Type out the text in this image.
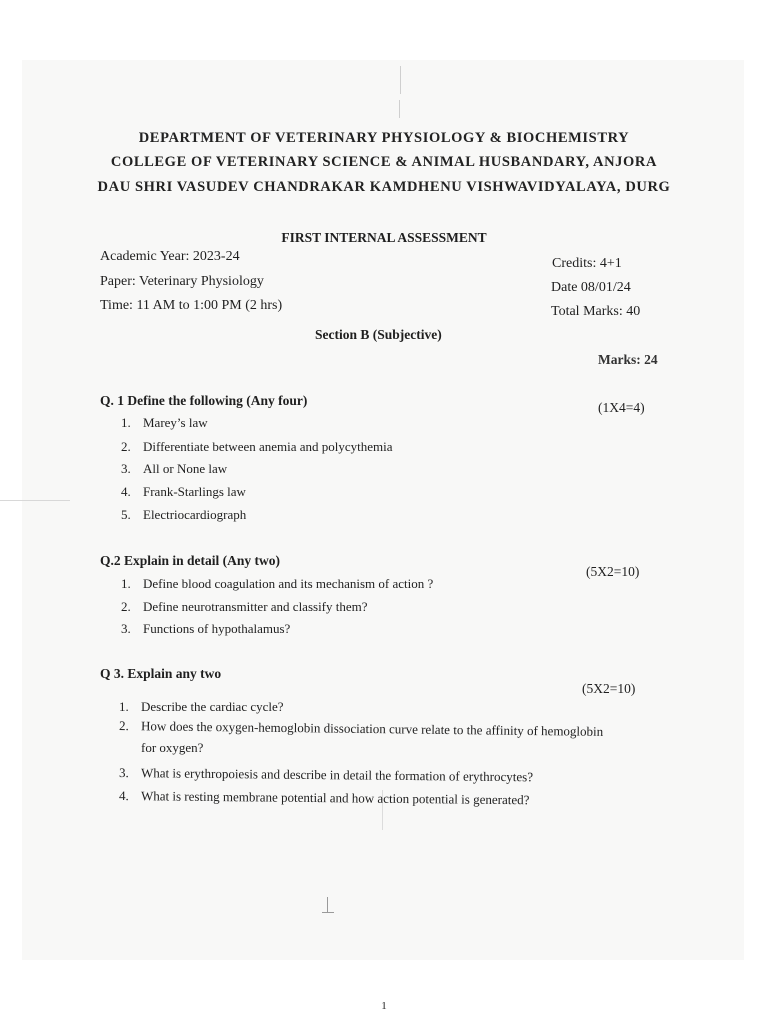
DEPARTMENT OF VETERINARY PHYSIOLOGY & BIOCHEMISTRY
COLLEGE OF VETERINARY SCIENCE & ANIMAL HUSBANDARY, ANJORA
DAU SHRI VASUDEV CHANDRAKAR KAMDHENU VISHWAVIDYALAYA, DURG
FIRST INTERNAL ASSESSMENT
Academic Year: 2023-24
Paper: Veterinary Physiology
Time: 11 AM to 1:00 PM (2 hrs)
Credits: 4+1
Date 08/01/24
Total Marks: 40
Section B (Subjective)
Marks: 24
Q. 1 Define the following (Any four)	(1X4=4)
1. Marey’s law
2. Differentiate between anemia and polycythemia
3. All or None law
4. Frank-Starlings law
5. Electriocardiograph
Q.2 Explain in detail (Any two)
(5X2=10)
1. Define blood coagulation and its mechanism of action ?
2. Define neurotransmitter and classify them?
3. Functions of hypothalamus?
Q 3. Explain any two
(5X2=10)
1. Describe the cardiac cycle?
2. How does the oxygen-hemoglobin dissociation curve relate to the affinity of hemoglobin
for oxygen?
3. What is erythropoiesis and describe in detail the formation of erythrocytes?
4. What is resting membrane potential and how action potential is generated?
1
